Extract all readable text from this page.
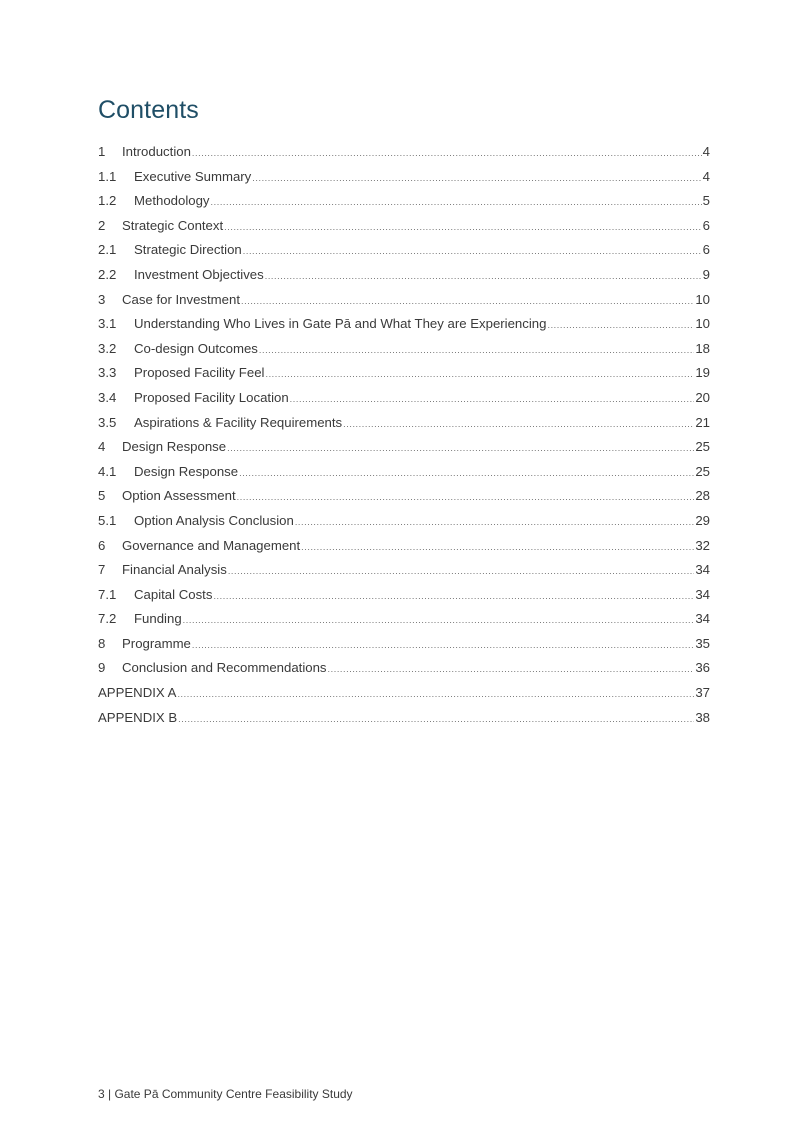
Contents
1	Introduction .....	4
1.1	Executive Summary .....	4
1.2	Methodology .....	5
2	Strategic Context .....	6
2.1	Strategic Direction .....	6
2.2	Investment Objectives .....	9
3	Case for Investment .....	10
3.1	Understanding Who Lives in Gate Pā and What They are Experiencing .....	10
3.2	Co-design Outcomes .....	18
3.3	Proposed Facility Feel .....	19
3.4	Proposed Facility Location .....	20
3.5	Aspirations & Facility Requirements .....	21
4	Design Response .....	25
4.1	Design Response .....	25
5	Option Assessment .....	28
5.1	Option Analysis Conclusion .....	29
6	Governance and Management .....	32
7	Financial Analysis .....	34
7.1	Capital Costs .....	34
7.2	Funding .....	34
8	Programme .....	35
9	Conclusion and Recommendations .....	36
APPENDIX A .....	37
APPENDIX B .....	38
3 | Gate Pā Community Centre Feasibility Study
